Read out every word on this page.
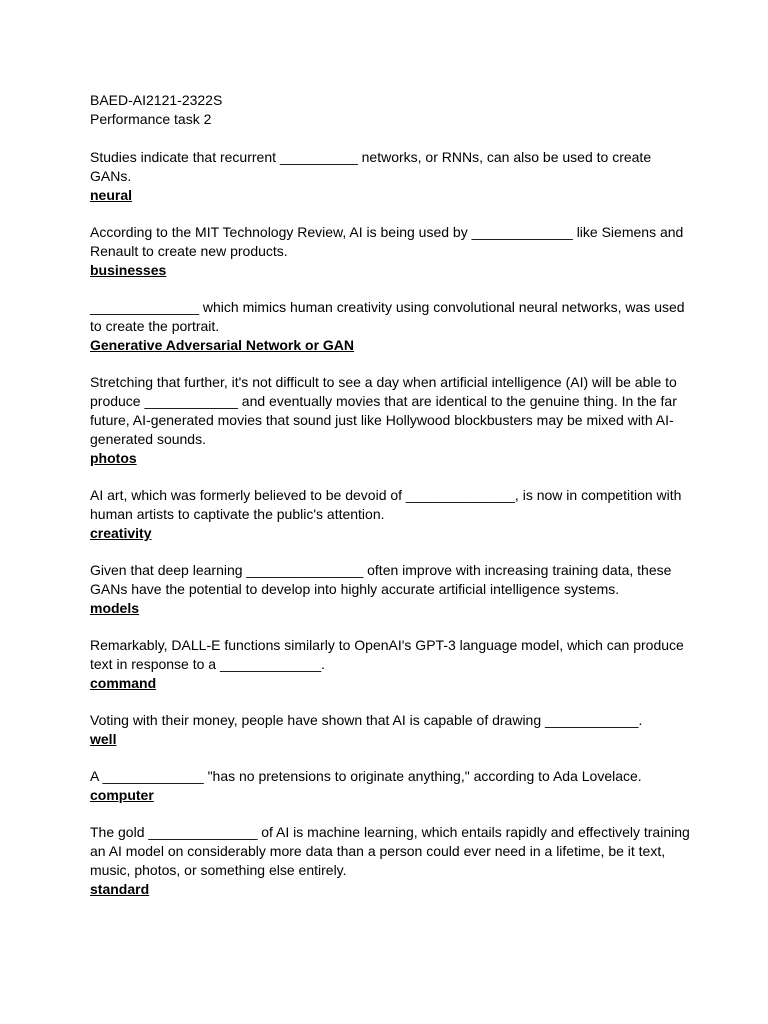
BAED-AI2121-2322S
Performance task 2
Studies indicate that recurrent __________ networks, or RNNs, can also be used to create GANs.
neural
According to the MIT Technology Review, AI is being used by _____________ like Siemens and Renault to create new products.
businesses
______________ which mimics human creativity using convolutional neural networks, was used to create the portrait.
Generative Adversarial Network or GAN
Stretching that further, it's not difficult to see a day when artificial intelligence (AI) will be able to produce ____________ and eventually movies that are identical to the genuine thing. In the far future, AI-generated movies that sound just like Hollywood blockbusters may be mixed with AI-generated sounds.
photos
AI art, which was formerly believed to be devoid of ______________, is now in competition with human artists to captivate the public's attention.
creativity
Given that deep learning _______________ often improve with increasing training data, these GANs have the potential to develop into highly accurate artificial intelligence systems.
models
Remarkably, DALL-E functions similarly to OpenAI's GPT-3 language model, which can produce text in response to a _____________.
command
Voting with their money, people have shown that AI is capable of drawing ____________.
well
A _____________ "has no pretensions to originate anything," according to Ada Lovelace.
computer
The gold ______________ of AI is machine learning, which entails rapidly and effectively training an AI model on considerably more data than a person could ever need in a lifetime, be it text, music, photos, or something else entirely.
standard
